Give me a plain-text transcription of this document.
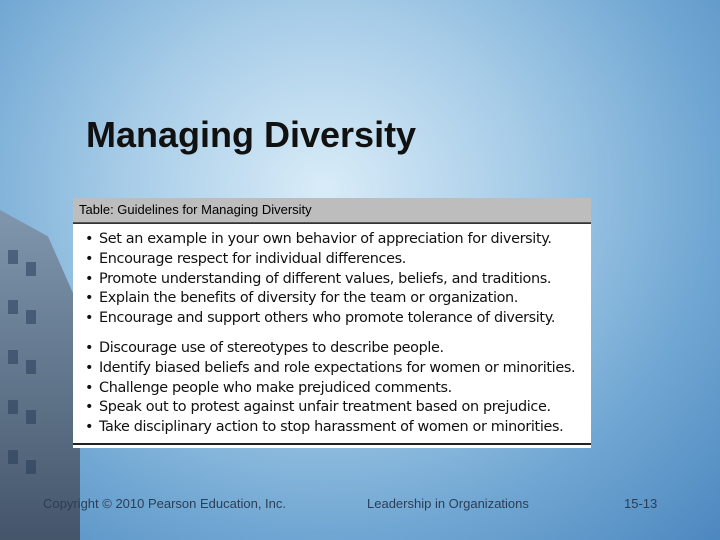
Managing Diversity
Table: Guidelines for Managing Diversity
• Set an example in your own behavior of appreciation for diversity.
• Encourage respect for individual differences.
• Promote understanding of different values, beliefs, and traditions.
• Explain the benefits of diversity for the team or organization.
• Encourage and support others who promote tolerance of diversity.
• Discourage use of stereotypes to describe people.
• Identify biased beliefs and role expectations for women or minorities.
• Challenge people who make prejudiced comments.
• Speak out to protest against unfair treatment based on prejudice.
• Take disciplinary action to stop harassment of women or minorities.
Copyright © 2010 Pearson Education, Inc.	Leadership in Organizations	15-13
